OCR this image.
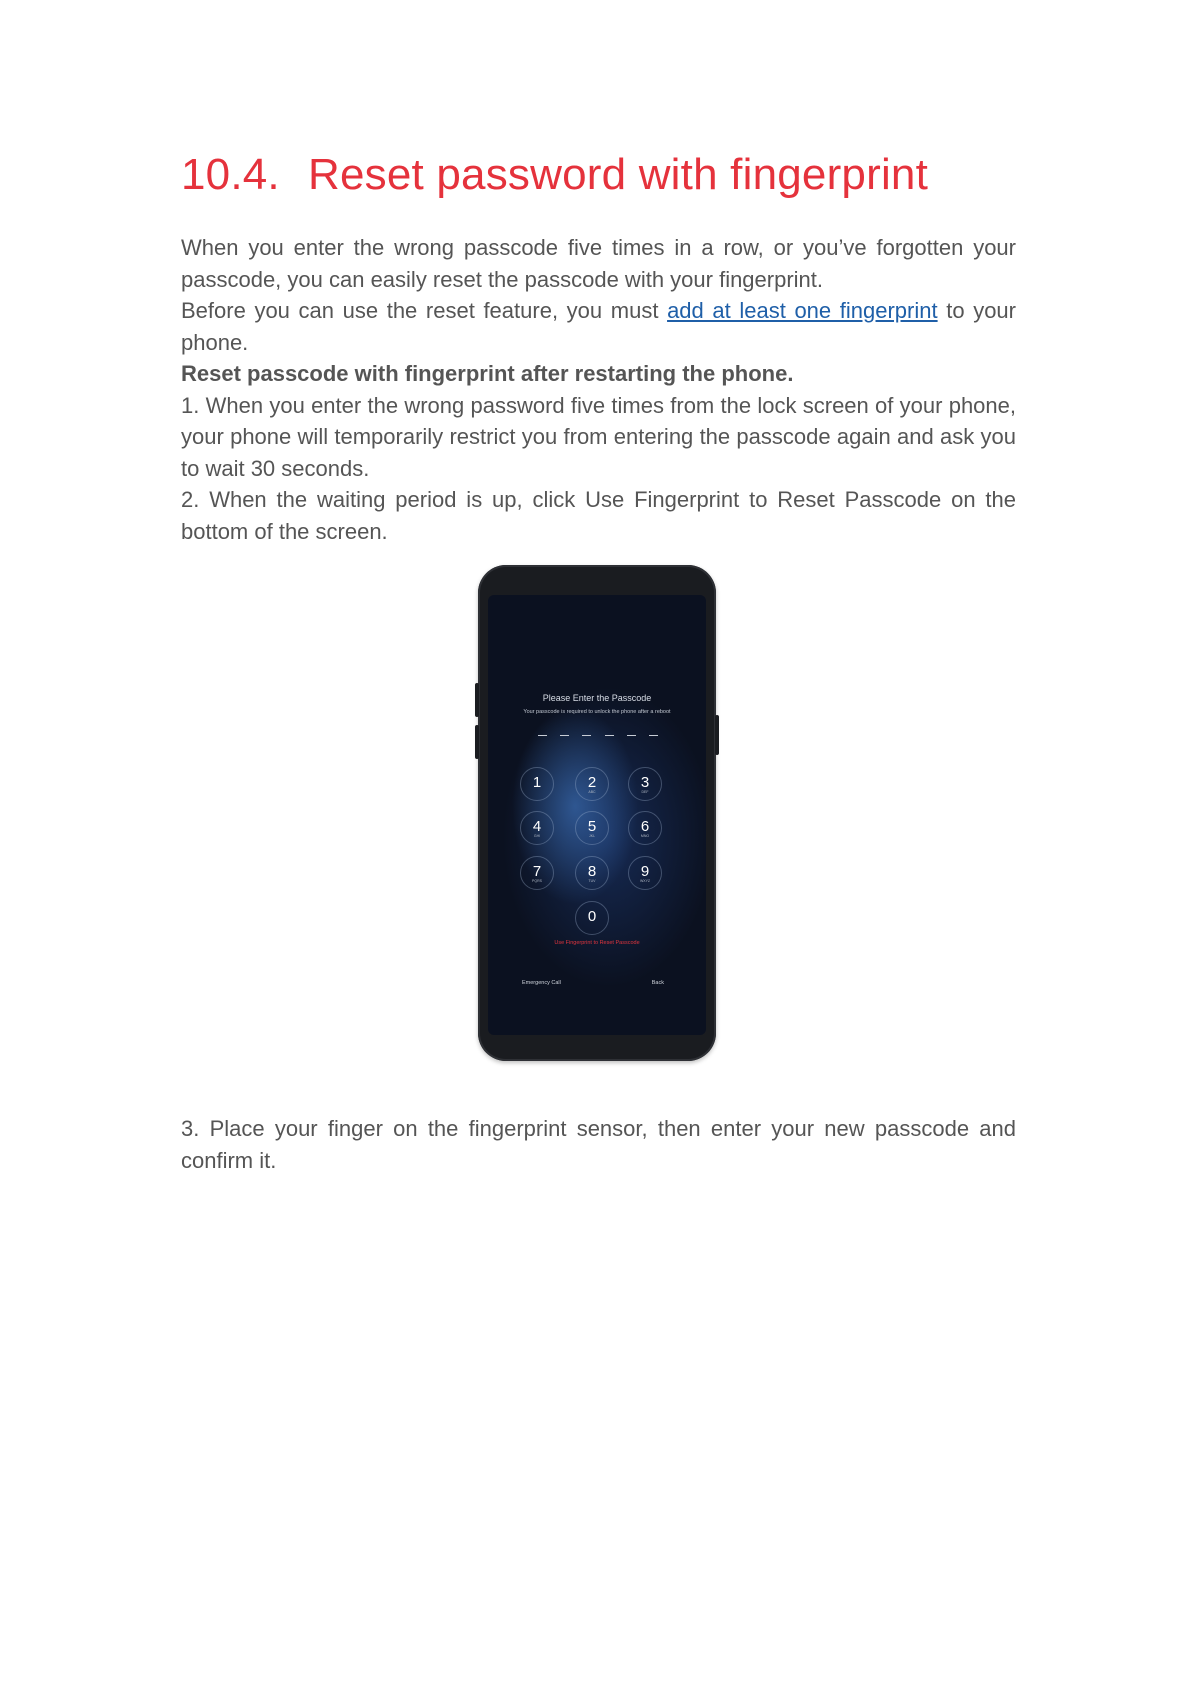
10.4. Reset password with fingerprint

When you enter the wrong passcode five times in a row, or you’ve forgotten your passcode, you can easily reset the passcode with your fingerprint.

Before you can use the reset feature, you must add at least one fingerprint to your phone.

Reset passcode with fingerprint after restarting the phone.

1. When you enter the wrong password five times from the lock screen of your phone, your phone will temporarily restrict you from entering the passcode again and ask you to wait 30 seconds.

2. When the waiting period is up, click Use Fingerprint to Reset Passcode on the bottom of the screen.

3. Place your finger on the fingerprint sensor, then enter your new passcode and confirm it.

Please Enter the Passcode
Your passcode is required to unlock the phone after a reboot
1	2
ABC
3
DEF
4
GHI
5
JKL
6
MNO
7
PQRS
8
TUV
9
WXYZ
0
Use Fingerprint to Reset Passcode
Emergency Call	Back
